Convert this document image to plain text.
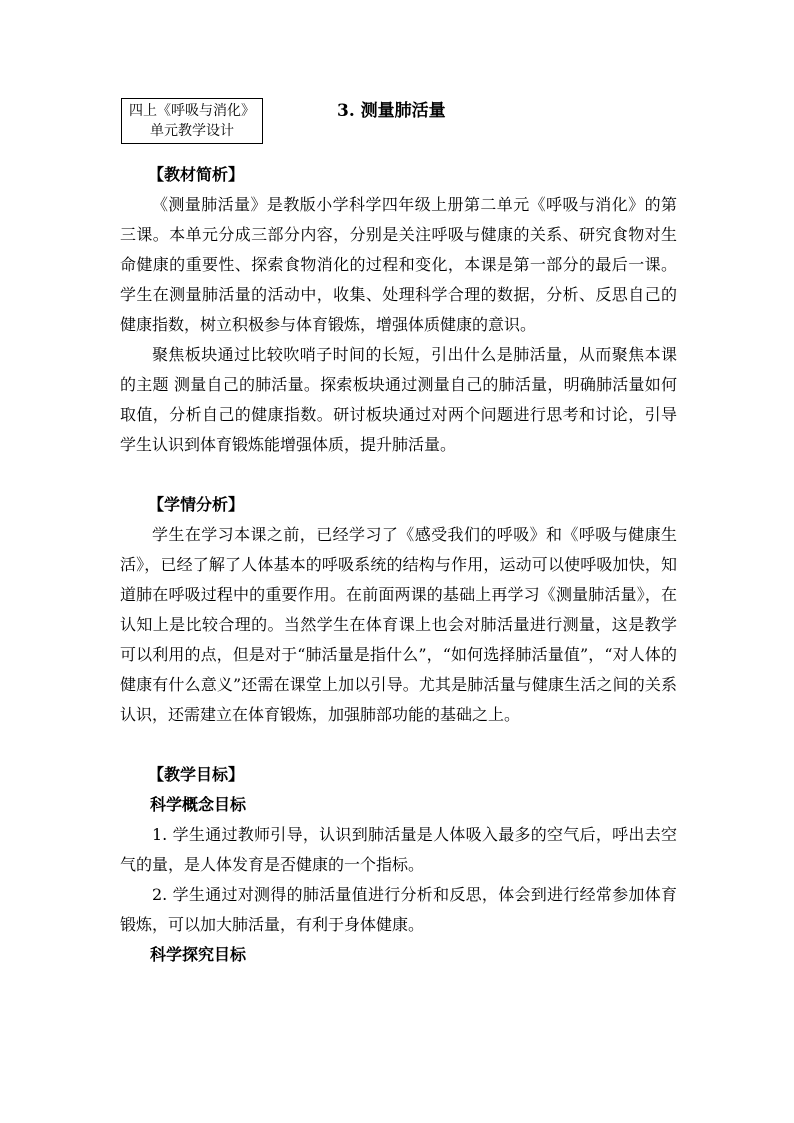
四上《呼吸与消化》
单元教学设计
3. 测量肺活量
【教材简析】

《测量肺活量》是教版小学科学四年级上册第二单元《呼吸与消化》的第三课。本单元分成三部分内容，分别是关注呼吸与健康的关系、研究食物对生命健康的重要性、探索食物消化的过程和变化，本课是第一部分的最后一课。学生在测量肺活量的活动中，收集、处理科学合理的数据，分析、反思自己的健康指数，树立积极参与体育锻炼，增强体质健康的意识。

聚焦板块通过比较吹哨子时间的长短，引出什么是肺活量，从而聚焦本课的主题 测量自己的肺活量。探索板块通过测量自己的肺活量，明确肺活量如何取值，分析自己的健康指数。研讨板块通过对两个问题进行思考和讨论，引导学生认识到体育锻炼能增强体质，提升肺活量。

【学情分析】

学生在学习本课之前，已经学习了《感受我们的呼吸》和《呼吸与健康生活》，已经了解了人体基本的呼吸系统的结构与作用，运动可以使呼吸加快，知道肺在呼吸过程中的重要作用。在前面两课的基础上再学习《测量肺活量》，在认知上是比较合理的。当然学生在体育课上也会对肺活量进行测量，这是教学可以利用的点，但是对于“肺活量是指什么”，“如何选择肺活量值”，“对人体的健康有什么意义”还需在课堂上加以引导。尤其是肺活量与健康生活之间的关系认识，还需建立在体育锻炼，加强肺部功能的基础之上。

【教学目标】
科学概念目标

1. 学生通过教师引导，认识到肺活量是人体吸入最多的空气后，呼出去空气的量，是人体发育是否健康的一个指标。

2. 学生通过对测得的肺活量值进行分析和反思，体会到进行经常参加体育锻炼，可以加大肺活量，有利于身体健康。

科学探究目标
